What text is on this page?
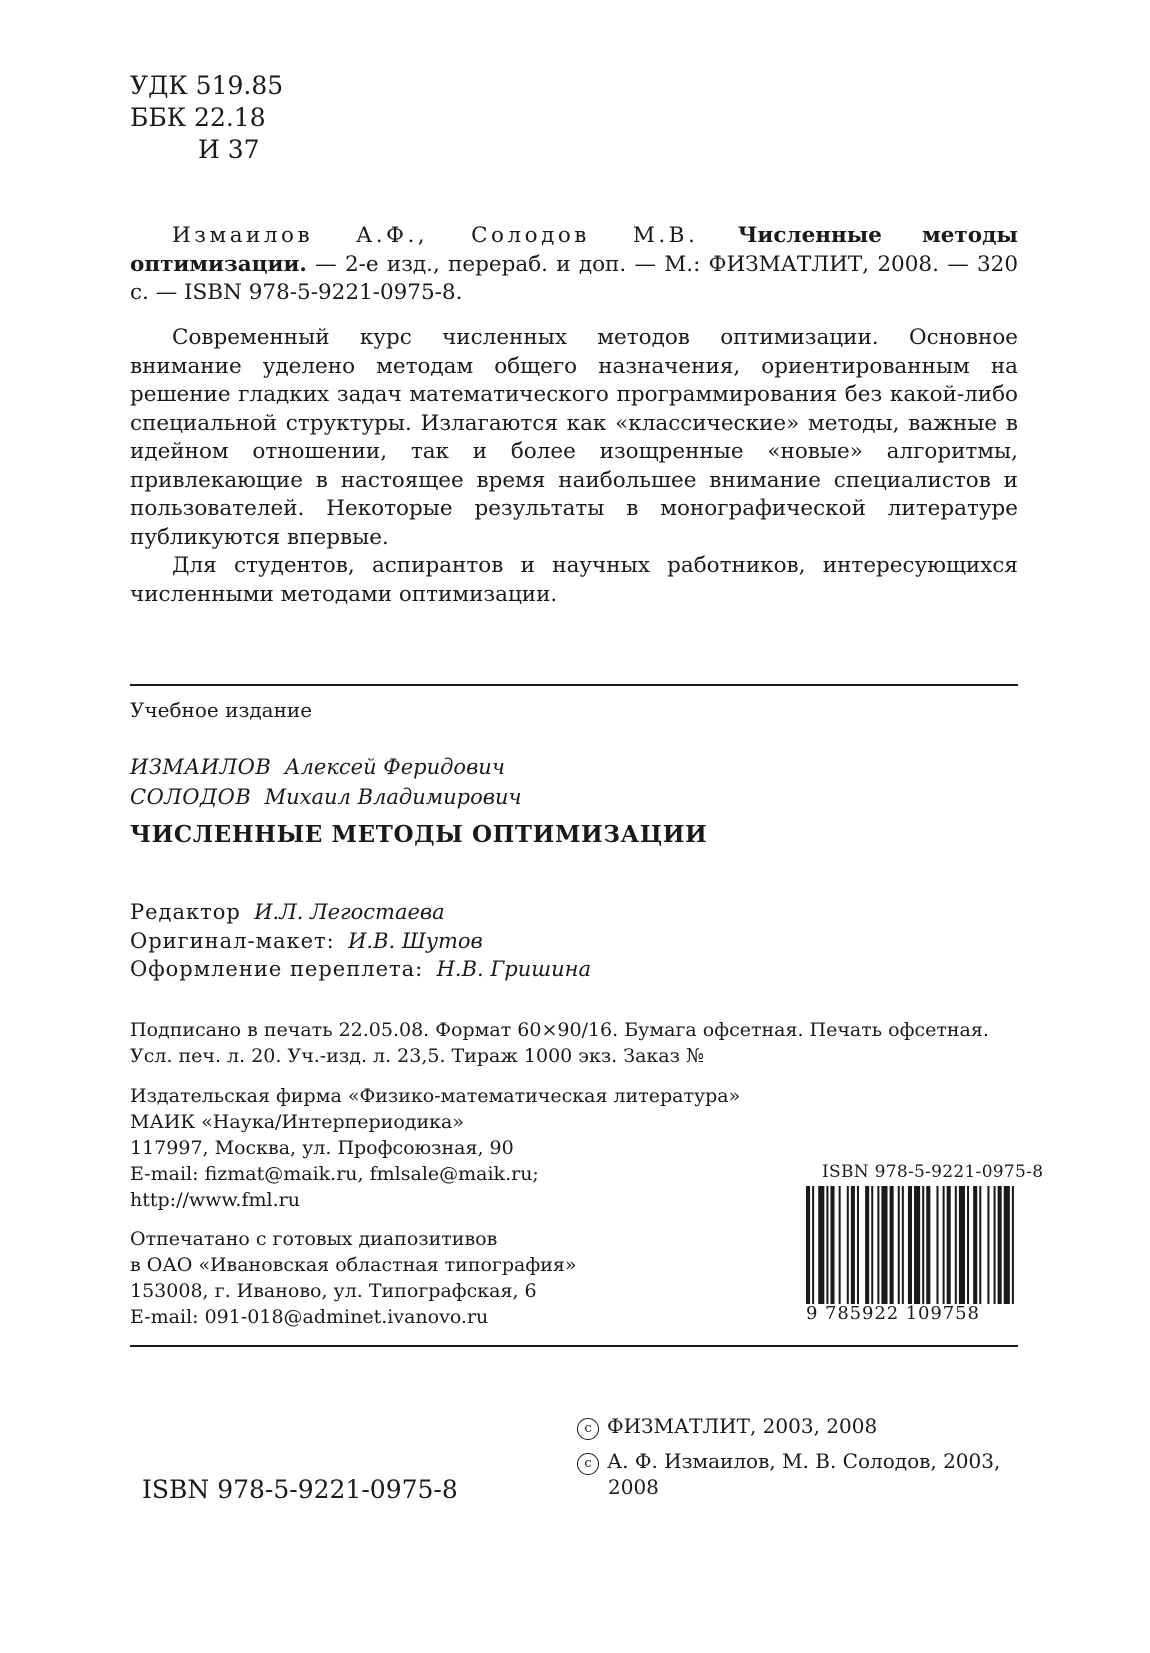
УДК 519.85
ББК 22.18
И 37

Измаилов А.Ф., Солодов М.В. Численные методы оптимизации. — 2-е изд., перераб. и доп. — М.: ФИЗМАТЛИТ, 2008. — 320 с. — ISBN 978-5-9221-0975-8.

Современный курс численных методов оптимизации. Основное внимание уделено методам общего назначения, ориентированным на решение гладких задач математического программирования без какой-либо специальной структуры. Излагаются как «классические» методы, важные в идейном отношении, так и более изощренные «новые» алгоритмы, привлекающие в настоящее время наибольшее внимание специалистов и пользователей. Некоторые результаты в монографической литературе публикуются впервые.

Для студентов, аспирантов и научных работников, интересующихся численными методами оптимизации.

Учебное издание
ИЗМАИЛОВ Алексей Феридович
СОЛОДОВ Михаил Владимирович
ЧИСЛЕННЫЕ МЕТОДЫ ОПТИМИЗАЦИИ
Редактор И.Л. Легостаева
Оригинал-макет: И.В. Шутов
Оформление переплета: Н.В. Гришина
Подписано в печать 22.05.08. Формат 60×90/16. Бумага офсетная. Печать офсетная.
Усл. печ. л. 20. Уч.-изд. л. 23,5. Тираж 1000 экз. Заказ №
Издательская фирма «Физико-математическая литература»
МАИК «Наука/Интерпериодика»
117997, Москва, ул. Профсоюзная, 90
E-mail: fizmat@maik.ru, fmlsale@maik.ru;
http://www.fml.ru
Отпечатано с готовых диапозитивов
в ОАО «Ивановская областная типография»
153008, г. Иваново, ул. Типографская, 6
E-mail: 091-018@adminet.ivanovo.ru
ISBN 978-5-9221-0975-8
9 785922 109758
c ФИЗМАТЛИТ, 2003, 2008
c А. Ф. Измаилов, М. В. Солодов, 2003,
2008
ISBN 978-5-9221-0975-8
